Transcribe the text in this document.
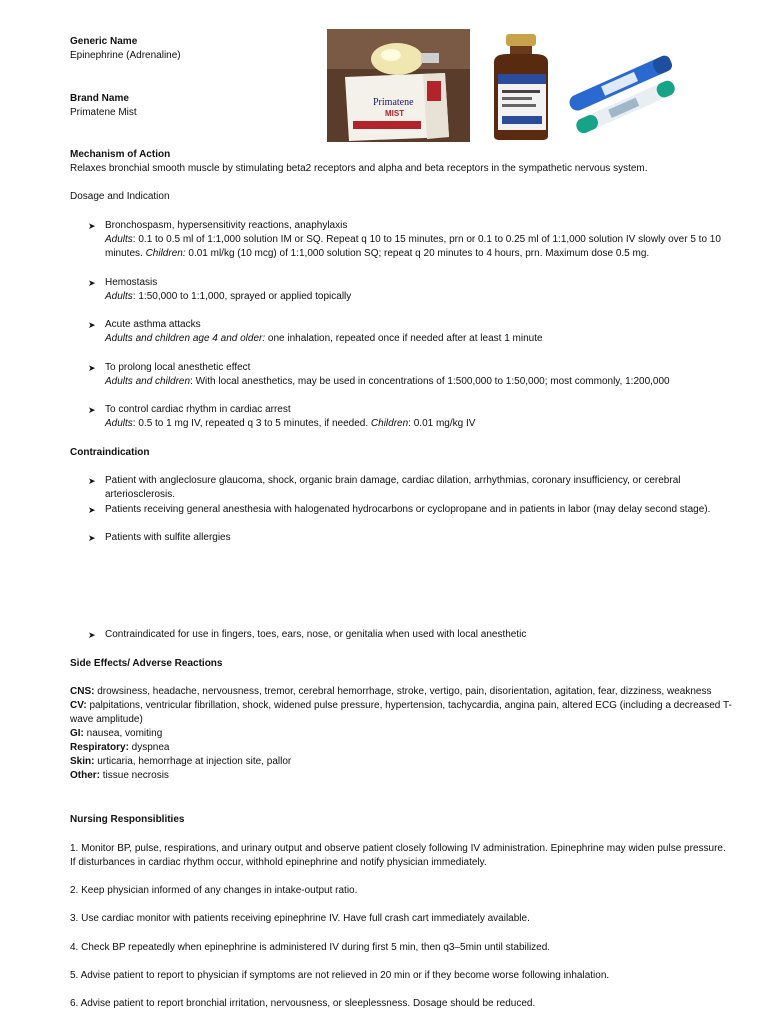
Generic Name
Epinephrine (Adrenaline)
Brand Name
Primatene Mist
Primatene
MIST
Mechanism of Action
Relaxes bronchial smooth muscle by stimulating beta2 receptors and alpha and beta receptors in the sympathetic nervous system.
Dosage and Indication
➤ Bronchospasm, hypersensitivity reactions, anaphylaxis
Adults: 0.1 to 0.5 ml of 1:1,000 solution IM or SQ. Repeat q 10 to 15 minutes, prn or 0.1 to 0.25 ml of 1:1,000 solution IV slowly over 5 to 10 minutes. Children: 0.01 ml/kg (10 mcg) of 1:1,000 solution SQ; repeat q 20 minutes to 4 hours, prn. Maximum dose 0.5 mg.
➤ Hemostasis
Adults: 1:50,000 to 1:1,000, sprayed or applied topically
➤ Acute asthma attacks
Adults and children age 4 and older: one inhalation, repeated once if needed after at least 1 minute
➤ To prolong local anesthetic effect
Adults and children: With local anesthetics, may be used in concentrations of 1:500,000 to 1:50,000; most commonly, 1:200,000
➤ To control cardiac rhythm in cardiac arrest
Adults: 0.5 to 1 mg IV, repeated q 3 to 5 minutes, if needed. Children: 0.01 mg/kg IV
Contraindication
➤ Patient with angleclosure glaucoma, shock, organic brain damage, cardiac dilation, arrhythmias, coronary insufficiency, or cerebral arteriosclerosis.
➤ Patients receiving general anesthesia with halogenated hydrocarbons or cyclopropane and in patients in labor (may delay second stage).
➤ Patients with sulfite allergies
➤ Contraindicated for use in fingers, toes, ears, nose, or genitalia when used with local anesthetic
Side Effects/ Adverse Reactions
CNS: drowsiness, headache, nervousness, tremor, cerebral hemorrhage, stroke, vertigo, pain, disorientation, agitation, fear, dizziness, weakness
CV: palpitations, ventricular fibrillation, shock, widened pulse pressure, hypertension, tachycardia, angina pain, altered ECG (including a decreased T-wave amplitude)
GI: nausea, vomiting
Respiratory: dyspnea
Skin: urticaria, hemorrhage at injection site, pallor
Other: tissue necrosis
Nursing Responsiblities
1. Monitor BP, pulse, respirations, and urinary output and observe patient closely following IV administration. Epinephrine may widen pulse pressure. If disturbances in cardiac rhythm occur, withhold epinephrine and notify physician immediately.
2. Keep physician informed of any changes in intake-output ratio.
3. Use cardiac monitor with patients receiving epinephrine IV. Have full crash cart immediately available.
4. Check BP repeatedly when epinephrine is administered IV during first 5 min, then q3–5min until stabilized.
5. Advise patient to report to physician if symptoms are not relieved in 20 min or if they become worse following inhalation.
6. Advise patient to report bronchial irritation, nervousness, or sleeplessness. Dosage should be reduced.
